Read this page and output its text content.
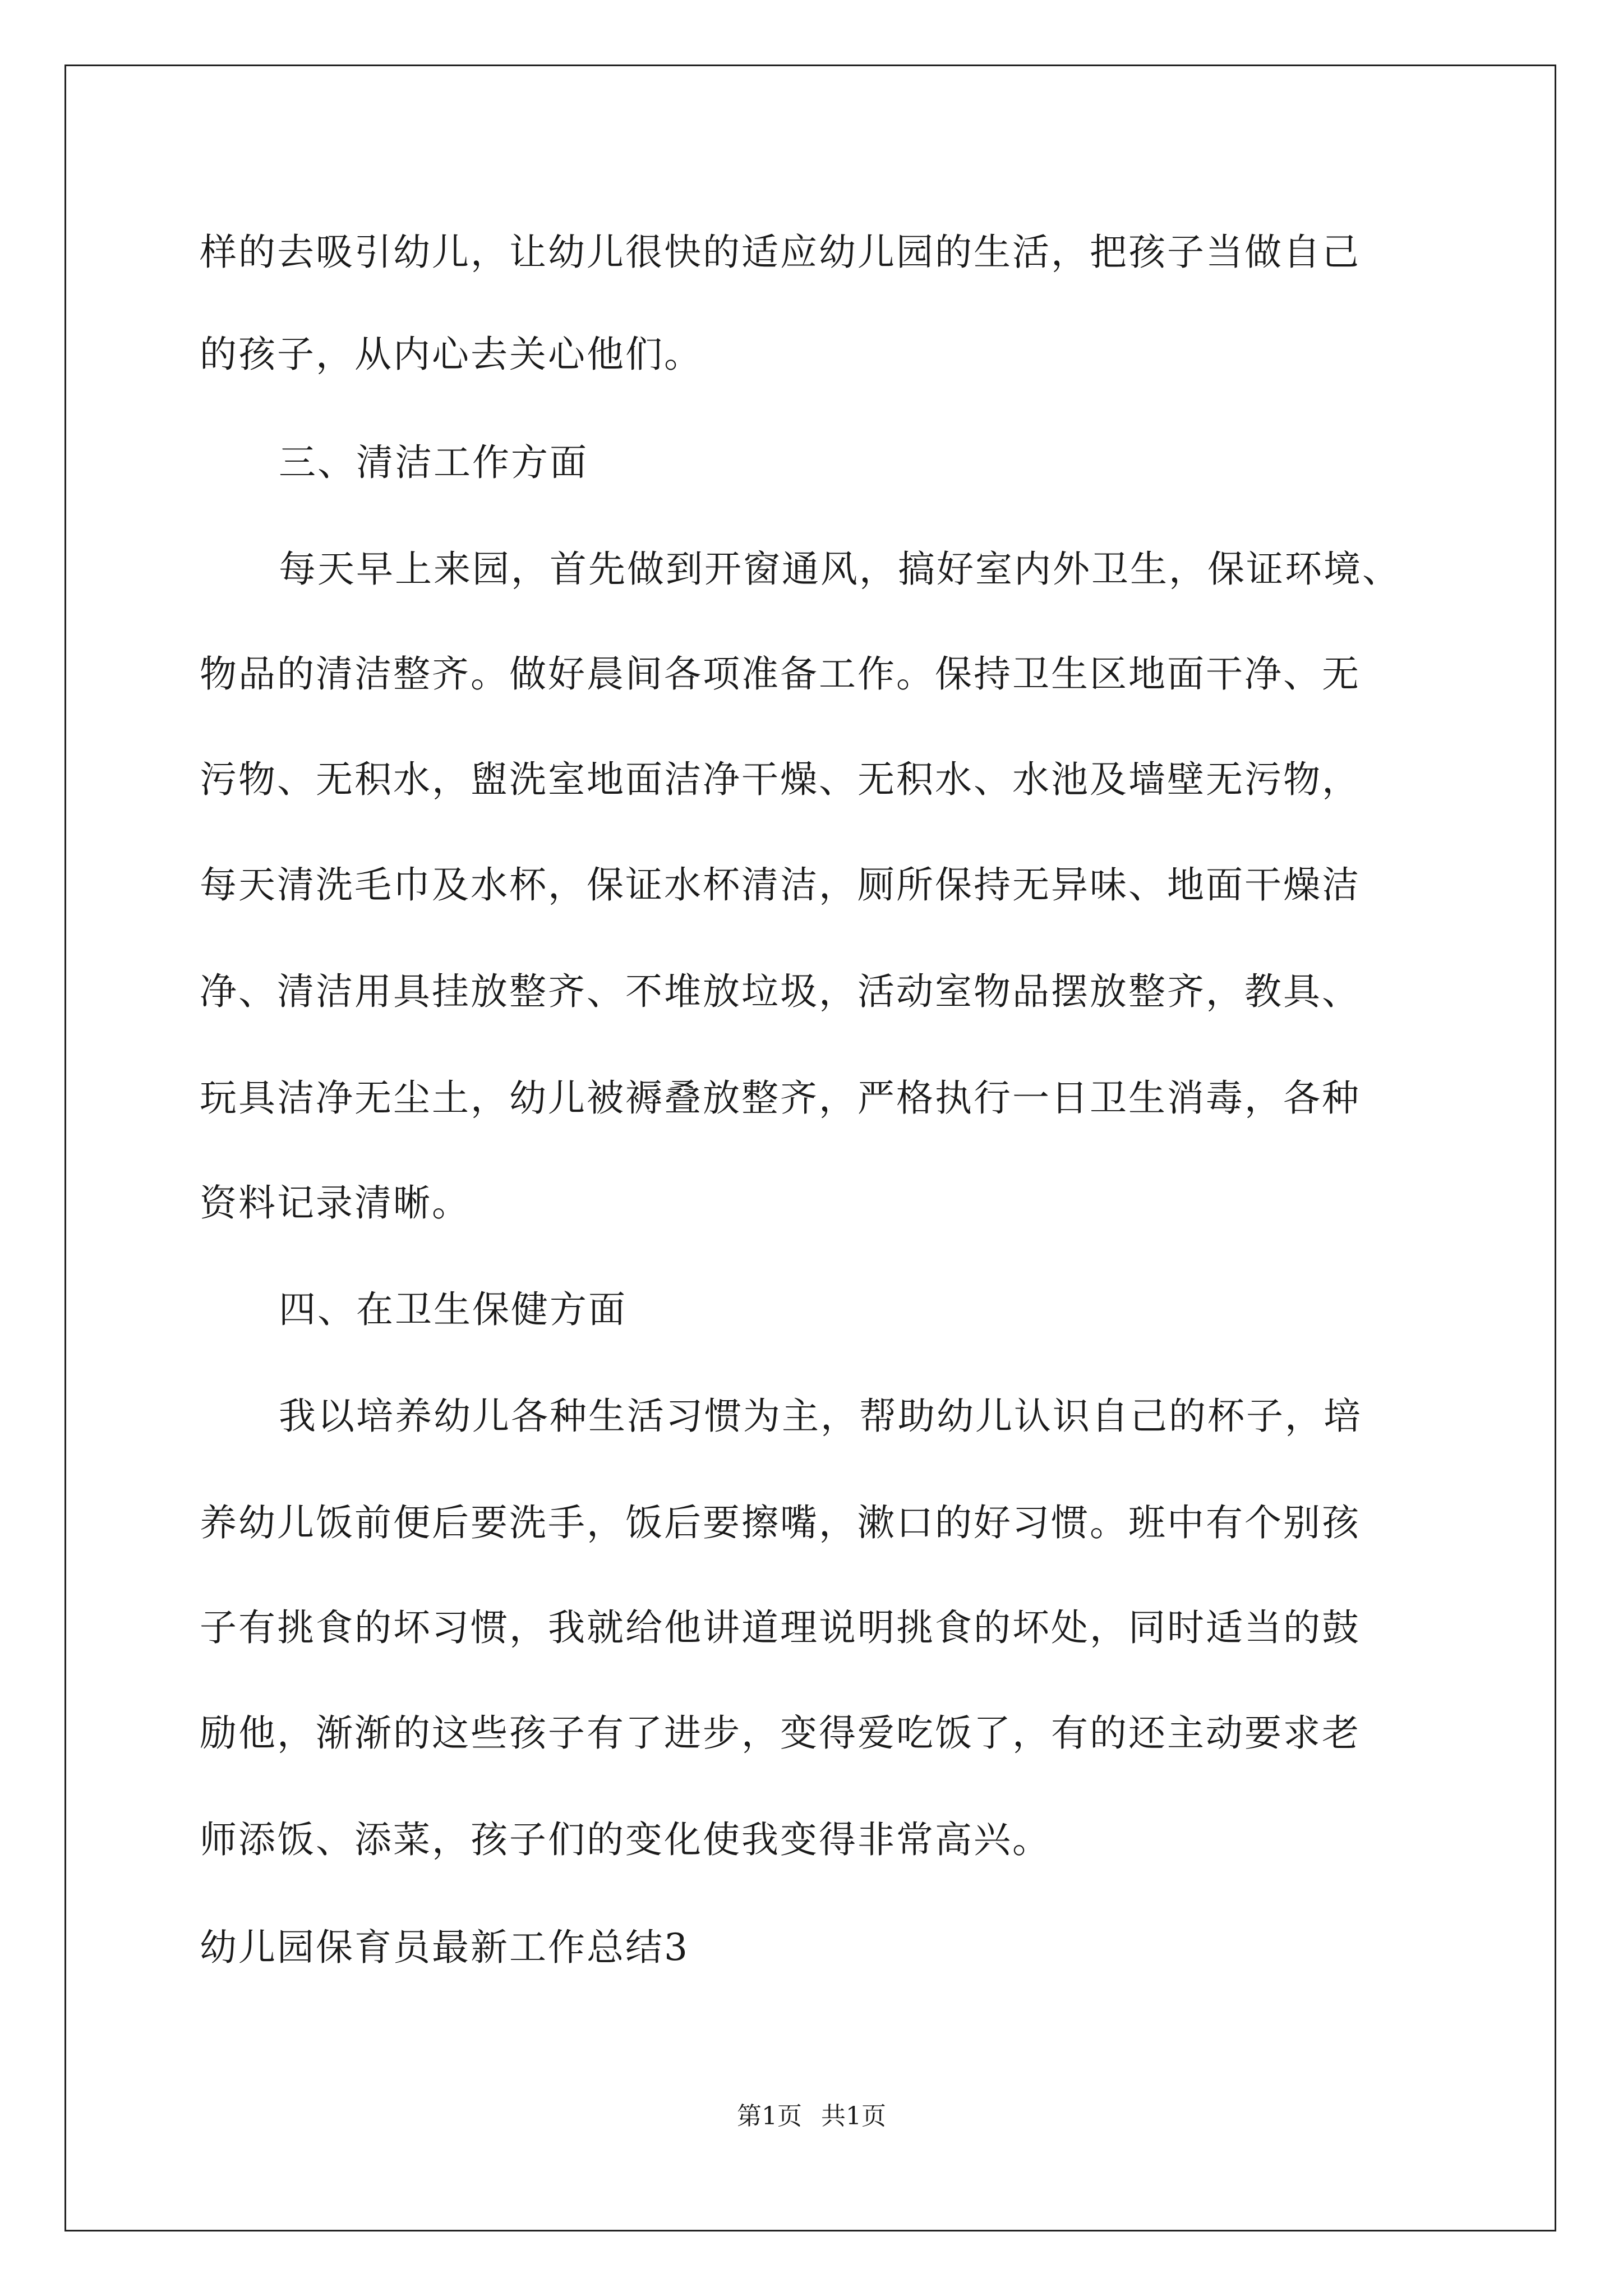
样的去吸引幼儿，让幼儿很快的适应幼儿园的生活，把孩子当做自己
的孩子，从内心去关心他们。
三、清洁工作方面
每天早上来园，首先做到开窗通风，搞好室内外卫生，保证环境、
物品的清洁整齐。做好晨间各项准备工作。保持卫生区地面干净、无
污物、无积水，盥洗室地面洁净干燥、无积水、水池及墙壁无污物，
每天清洗毛巾及水杯，保证水杯清洁，厕所保持无异味、地面干燥洁
净、清洁用具挂放整齐、不堆放垃圾，活动室物品摆放整齐，教具、
玩具洁净无尘土，幼儿被褥叠放整齐，严格执行一日卫生消毒，各种
资料记录清晰。
四、在卫生保健方面
我以培养幼儿各种生活习惯为主，帮助幼儿认识自己的杯子，培
养幼儿饭前便后要洗手，饭后要擦嘴，漱口的好习惯。班中有个别孩
子有挑食的坏习惯，我就给他讲道理说明挑食的坏处，同时适当的鼓
励他，渐渐的这些孩子有了进步，变得爱吃饭了，有的还主动要求老
师添饭、添菜，孩子们的变化使我变得非常高兴。
幼儿园保育员最新工作总结3
第1页 共1页
